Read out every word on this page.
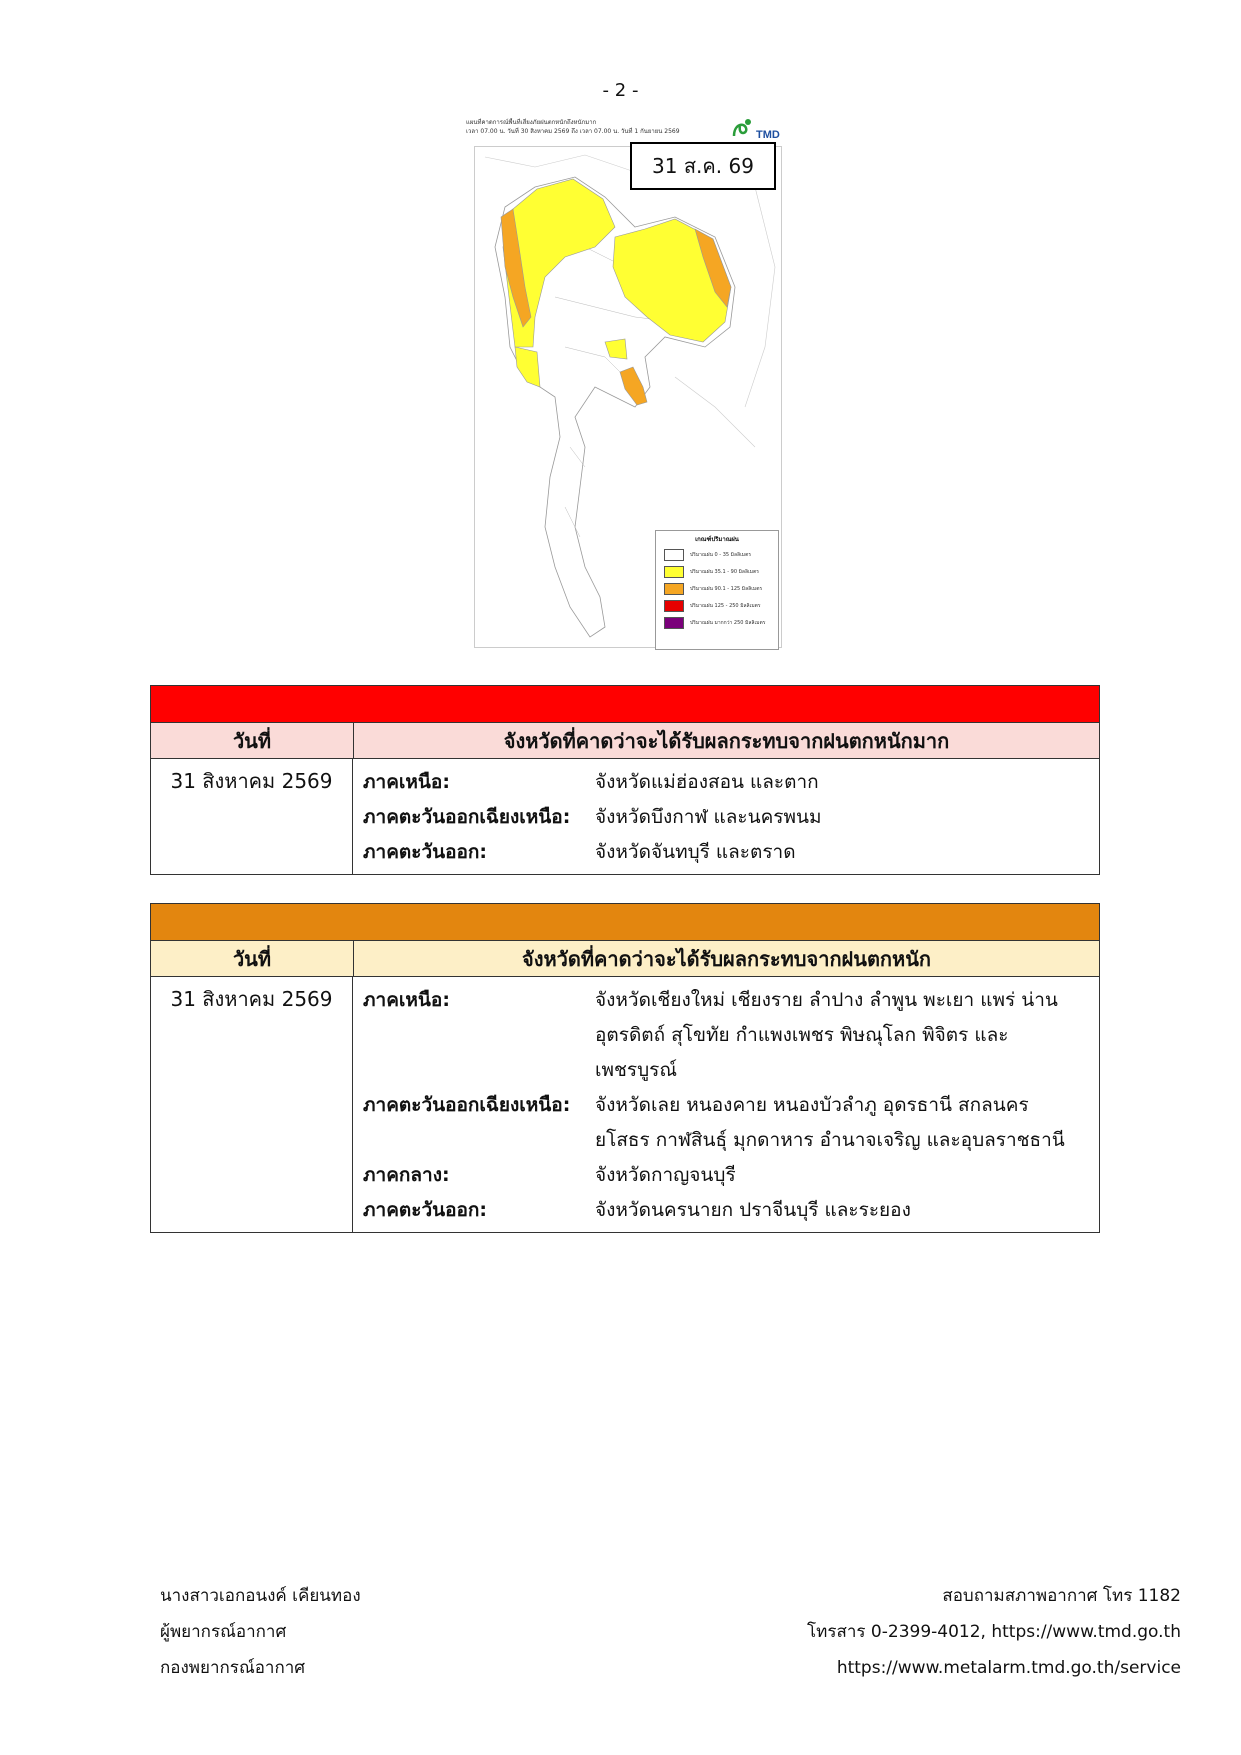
- 2 -
แผนที่คาดการณ์พื้นที่เสี่ยงภัยฝนตกหนักถึงหนักมาก
เวลา 07.00 น. วันที่ 30 สิงหาคม 2569 ถึง เวลา 07.00 น. วันที่ 1 กันยายน 2569	TMD
31 ส.ค. 69
เกณฑ์ปริมาณฝน
ปริมาณฝน 0 - 35 มิลลิเมตร
ปริมาณฝน 35.1 - 90 มิลลิเมตร
ปริมาณฝน 90.1 - 125 มิลลิเมตร
ปริมาณฝน 125 - 250 มิลลิเมตร
ปริมาณฝน มากกว่า 250 มิลลิเมตร
วันที่	จังหวัดที่คาดว่าจะได้รับผลกระทบจากฝนตกหนักมาก
31 สิงหาคม 2569	ภาคเหนือ:	จังหวัดแม่ฮ่องสอน และตาก
ภาคตะวันออกเฉียงเหนือ:	จังหวัดบึงกาฬ และนครพนม
ภาคตะวันออก:	จังหวัดจันทบุรี และตราด
วันที่	จังหวัดที่คาดว่าจะได้รับผลกระทบจากฝนตกหนัก
31 สิงหาคม 2569	ภาคเหนือ:	จังหวัดเชียงใหม่ เชียงราย ลำปาง ลำพูน พะเยา แพร่ น่าน อุตรดิตถ์ สุโขทัย กำแพงเพชร พิษณุโลก พิจิตร และเพชรบูรณ์
ภาคตะวันออกเฉียงเหนือ:	จังหวัดเลย หนองคาย หนองบัวลำภู อุดรธานี สกลนคร ยโสธร กาฬสินธุ์ มุกดาหาร อำนาจเจริญ และอุบลราชธานี
ภาคกลาง:	จังหวัดกาญจนบุรี
ภาคตะวันออก:	จังหวัดนครนายก ปราจีนบุรี และระยอง
นางสาวเอกอนงค์ เคียนทอง
ผู้พยากรณ์อากาศ
กองพยากรณ์อากาศ
สอบถามสภาพอากาศ โทร 1182
โทรสาร 0-2399-4012, https://www.tmd.go.th
https://www.metalarm.tmd.go.th/service
